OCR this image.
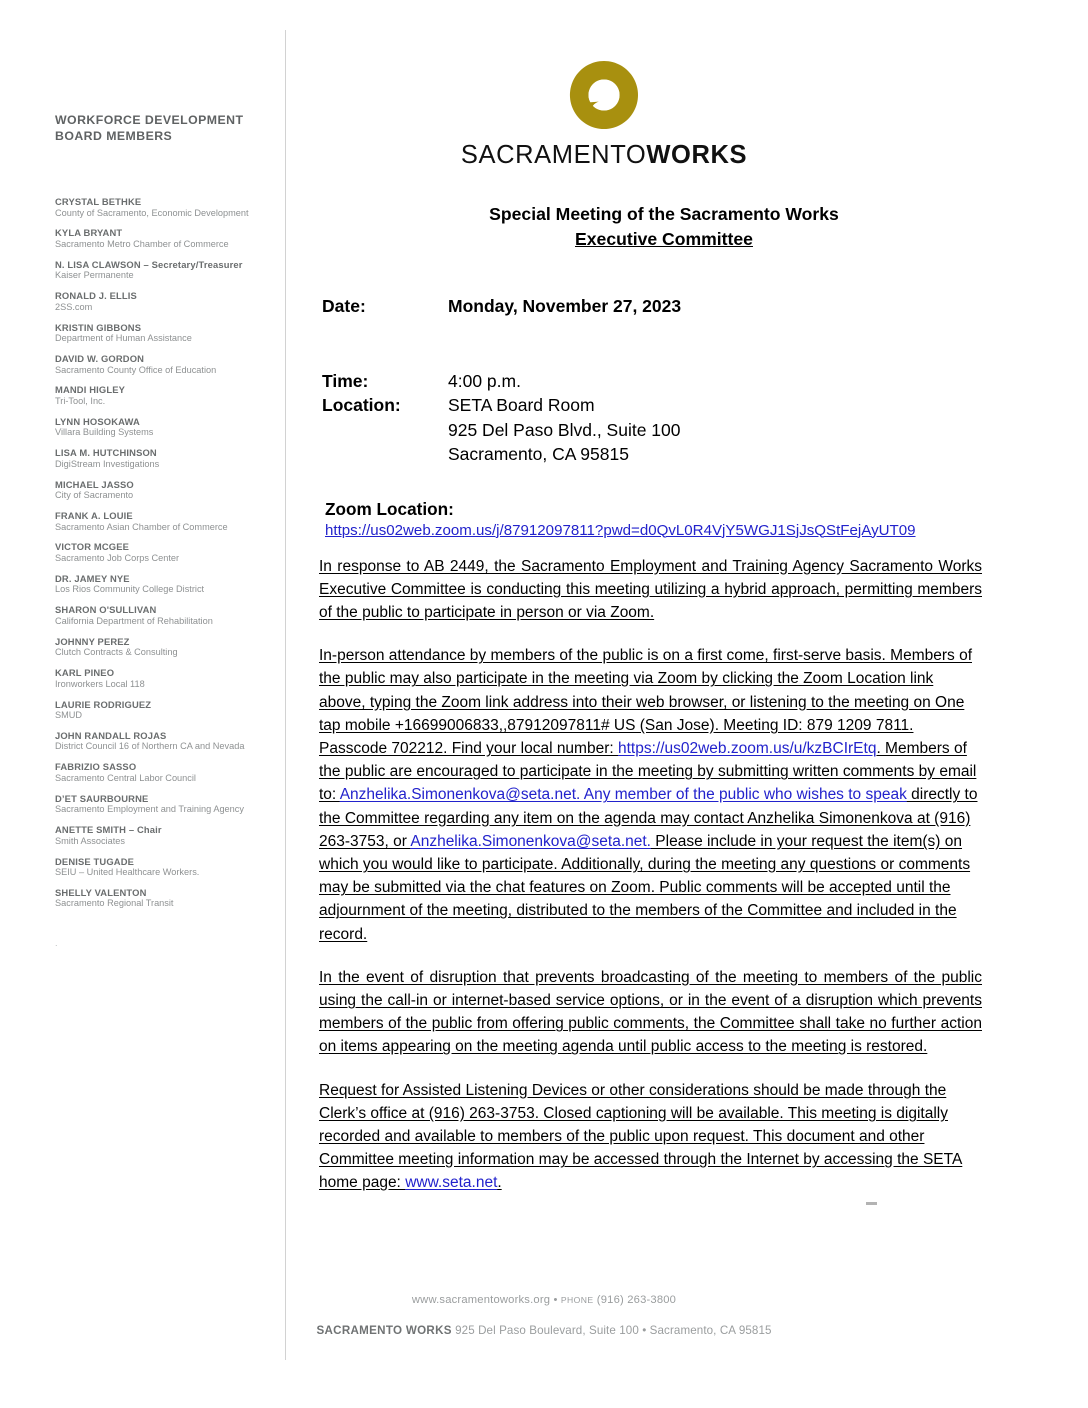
WORKFORCE DEVELOPMENT BOARD MEMBERS
CRYSTAL BETHKE
County of Sacramento, Economic Development
KYLA BRYANT
Sacramento Metro Chamber of Commerce
N. LISA CLAWSON – Secretary/Treasurer
Kaiser Permanente
RONALD J. ELLIS
2SS.com
KRISTIN GIBBONS
Department of Human Assistance
DAVID W. GORDON
Sacramento County Office of Education
MANDI HIGLEY
Tri-Tool, Inc.
LYNN HOSOKAWA
Villara Building Systems
LISA M. HUTCHINSON
DigiStream Investigations
MICHAEL JASSO
City of Sacramento
FRANK A. LOUIE
Sacramento Asian Chamber of Commerce
VICTOR MCGEE
Sacramento Job Corps Center
DR. JAMEY NYE
Los Rios Community College District
SHARON O'SULLIVAN
California Department of Rehabilitation
JOHNNY PEREZ
Clutch Contracts & Consulting
KARL PINEO
Ironworkers Local 118
LAURIE RODRIGUEZ
SMUD
JOHN RANDALL ROJAS
District Council 16 of Northern CA and Nevada
FABRIZIO SASSO
Sacramento Central Labor Council
D’ET SAURBOURNE
Sacramento Employment and Training Agency
ANETTE SMITH – Chair
Smith Associates
DENISE TUGADE
SEIU – United Healthcare Workers.
SHELLY VALENTON
Sacramento Regional Transit
.
SACRAMENTOWORKS
Special Meeting of the Sacramento Works
Executive Committee
Date:	Monday, November 27, 2023
Time:	4:00 p.m.
Location:	SETA Board Room
925 Del Paso Blvd., Suite 100
Sacramento, CA 95815
Zoom Location:
https://us02web.zoom.us/j/87912097811?pwd=d0QvL0R4VjY5WGJ1SjJsQStFejAyUT09

In response to AB 2449, the Sacramento Employment and Training Agency Sacramento Works Executive Committee is conducting this meeting utilizing a hybrid approach, permitting members of the public to participate in person or via Zoom.

In-person attendance by members of the public is on a first come, first-serve basis. Members of the public may also participate in the meeting via Zoom by clicking the Zoom Location link above, typing the Zoom link address into their web browser, or listening to the meeting on One tap mobile +16699006833,,87912097811# US (San Jose). Meeting ID: 879 1209 7811. Passcode 702212. Find your local number: https://us02web.zoom.us/u/kzBCIrEtq. Members of the public are encouraged to participate in the meeting by submitting written comments by email to: Anzhelika.Simonenkova@seta.net. Any member of the public who wishes to speak directly to the Committee regarding any item on the agenda may contact Anzhelika Simonenkova at (916) 263-3753, or Anzhelika.Simonenkova@seta.net. Please include in your request the item(s) on which you would like to participate. Additionally, during the meeting any questions or comments may be submitted via the chat features on Zoom. Public comments will be accepted until the adjournment of the meeting, distributed to the members of the Committee and included in the record.

In the event of disruption that prevents broadcasting of the meeting to members of the public using the call-in or internet-based service options, or in the event of a disruption which prevents members of the public from offering public comments, the Committee shall take no further action on items appearing on the meeting agenda until public access to the meeting is restored.

Request for Assisted Listening Devices or other considerations should be made through the Clerk’s office at (916) 263-3753. Closed captioning will be available. This meeting is digitally recorded and available to members of the public upon request. This document and other Committee meeting information may be accessed through the Internet by accessing the SETA home page: www.seta.net.

www.sacramentoworks.org • PHONE (916) 263-3800
SACRAMENTO WORKS 925 Del Paso Boulevard, Suite 100 • Sacramento, CA 95815
